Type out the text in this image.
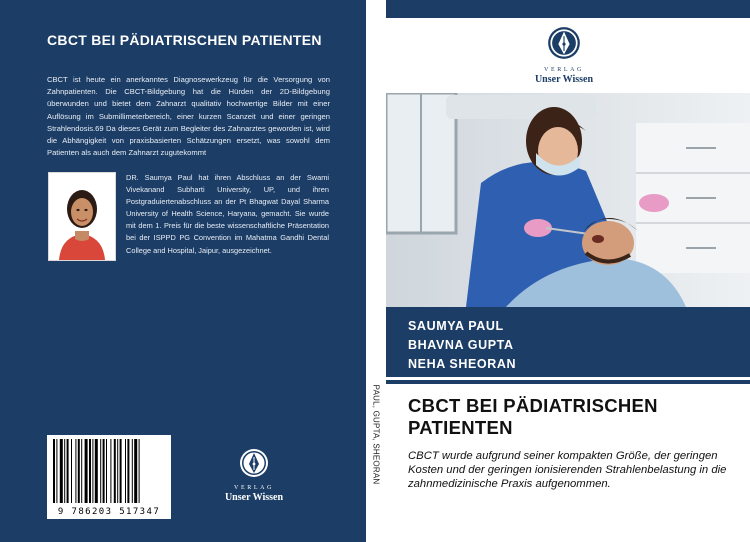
CBCT BEI PÄDIATRISCHEN PATIENTEN
CBCT ist heute ein anerkanntes Diagnosewerkzeug für die Versorgung von Zahnpatienten. Die CBCT-Bildgebung hat die Hürden der 2D-Bildgebung überwunden und bietet dem Zahnarzt qualitativ hochwertige Bilder mit einer Auflösung im Submillimeterbereich, einer kurzen Scanzeit und einer geringen Strahlendosis.69 Da dieses Gerät zum Begleiter des Zahnarztes geworden ist, wird die Abhängigkeit von praxisbasierten Schätzungen ersetzt, was sowohl dem Patienten als auch dem Zahnarzt zugutekommt
DR. Saumya Paul hat ihren Abschluss an der Swami Vivekanand Subharti University, UP, und ihren Postgraduiertenabschluss an der Pt Bhagwat Dayal Sharma University of Health Science, Haryana, gemacht. Sie wurde mit dem 1. Preis für die beste wissenschaftliche Präsentation bei der ISPPD PG Convention im Mahatma Gandhi Dental College and Hospital, Jaipur, ausgezeichnet.
9 786203 517347
VERLAG
Unser Wissen
PAUL, GUPTA, SHEORAN
VERLAG
Unser Wissen
SAUMYA PAUL
BHAVNA GUPTA
NEHA SHEORAN
CBCT BEI PÄDIATRISCHEN PATIENTEN
CBCT wurde aufgrund seiner kompakten Größe, der geringen Kosten und der geringen ionisierenden Strahlenbelastung in die zahnmedizinische Praxis aufgenommen.
